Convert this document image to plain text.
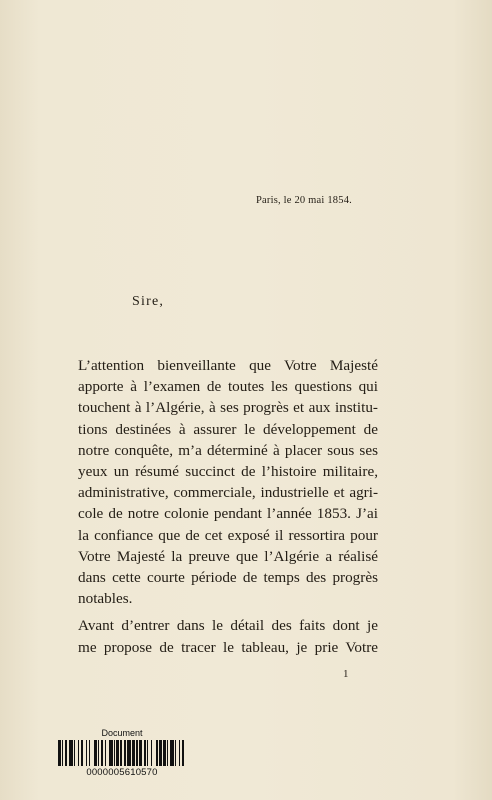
Paris, le 20 mai 1854.
Sire,
L’attention bienveillante que Votre Majesté
apporte à l’examen de toutes les questions qui
touchent à l’Algérie, à ses progrès et aux institu-
tions destinées à assurer le développement de
notre conquête, m’a déterminé à placer sous ses
yeux un résumé succinct de l’histoire militaire,
administrative, commerciale, industrielle et agri-
cole de notre colonie pendant l’année 1853. J’ai
la confiance que de cet exposé il ressortira pour
Votre Majesté la preuve que l’Algérie a réalisé
dans cette courte période de temps des progrès
notables.
Avant d’entrer dans le détail des faits dont je
me propose de tracer le tableau, je prie Votre
1
Document
0000005610570
